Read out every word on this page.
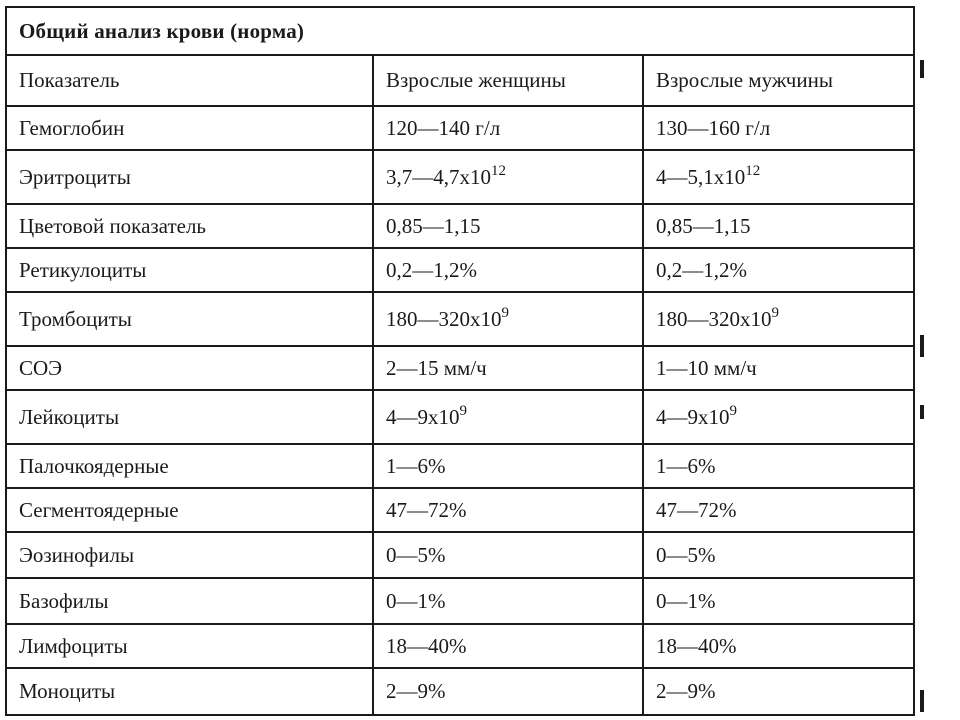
Общий анализ крови (норма)
Показатель	Взрослые женщины	Взрослые мужчины
Гемоглобин	120—140 г/л	130—160 г/л
Эритроциты	$3,7—4,7x10^{12}$	$4—5,1x10^{12}$
Цветовой показатель	0,85—1,15	0,85—1,15
Ретикулоциты	0,2—1,2%	0,2—1,2%
Тромбоциты	$180—320x10^9$	$180—320x10^9$
СОЭ	2—15 мм/ч	1—10 мм/ч
Лейкоциты	$4—9x10^9$	$4—9x10^9$
Палочкоядерные	1—6%	1—6%
Сегментоядерные	47—72%	47—72%
Эозинофилы	0—5%	0—5%
Базофилы	0—1%	0—1%
Лимфоциты	18—40%	18—40%
Моноциты	2—9%	2—9%
